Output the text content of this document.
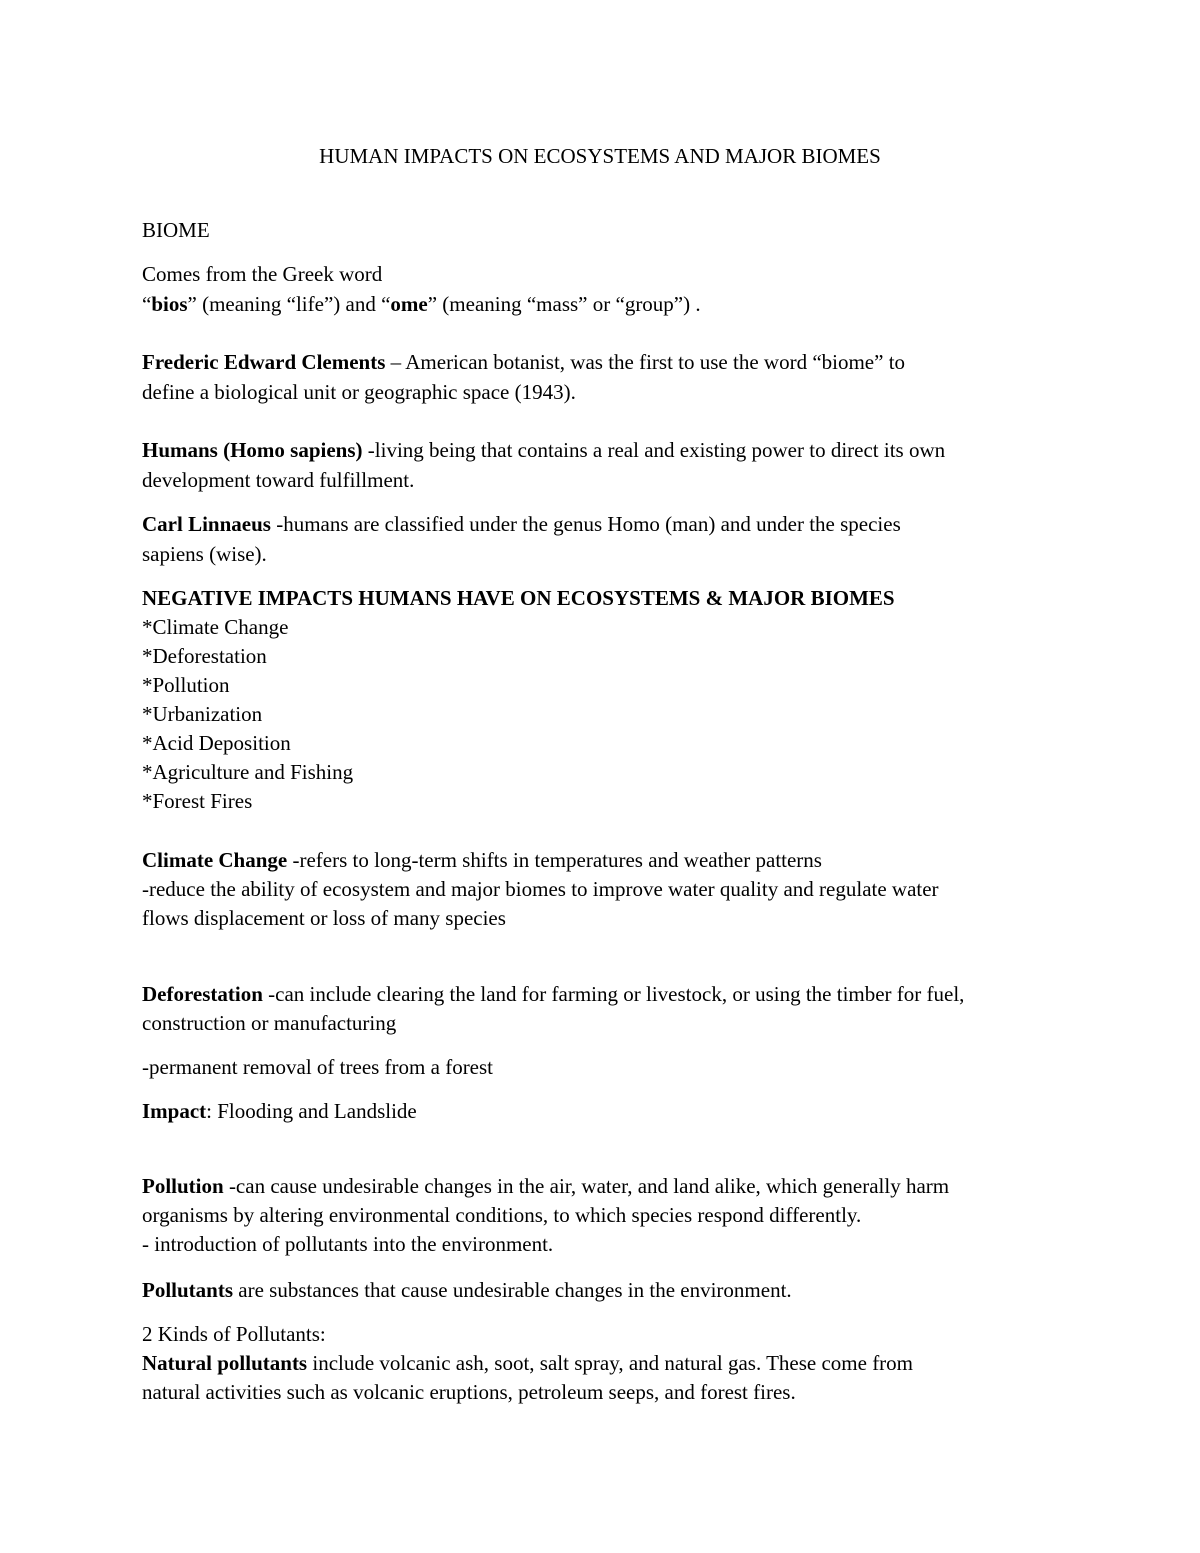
HUMAN IMPACTS ON ECOSYSTEMS AND MAJOR BIOMES
BIOME
Comes from the Greek word
“bios” (meaning “life”) and “ome” (meaning “mass” or “group”) .
Frederic Edward Clements – American botanist, was the first to use the word “biome” to
define a biological unit or geographic space (1943).
Humans (Homo sapiens) -living being that contains a real and existing power to direct its own
development toward fulfillment.
Carl Linnaeus -humans are classified under the genus Homo (man) and under the species
sapiens (wise).
NEGATIVE IMPACTS HUMANS HAVE ON ECOSYSTEMS & MAJOR BIOMES
*Climate Change
*Deforestation
*Pollution
*Urbanization
*Acid Deposition
*Agriculture and Fishing
*Forest Fires
Climate Change -refers to long-term shifts in temperatures and weather patterns
-reduce the ability of ecosystem and major biomes to improve water quality and regulate water
flows displacement or loss of many species
Deforestation -can include clearing the land for farming or livestock, or using the timber for fuel,
construction or manufacturing
-permanent removal of trees from a forest
Impact: Flooding and Landslide
Pollution -can cause undesirable changes in the air, water, and land alike, which generally harm
organisms by altering environmental conditions, to which species respond differently.
- introduction of pollutants into the environment.
Pollutants are substances that cause undesirable changes in the environment.
2 Kinds of Pollutants:
Natural pollutants include volcanic ash, soot, salt spray, and natural gas. These come from
natural activities such as volcanic eruptions, petroleum seeps, and forest fires.
